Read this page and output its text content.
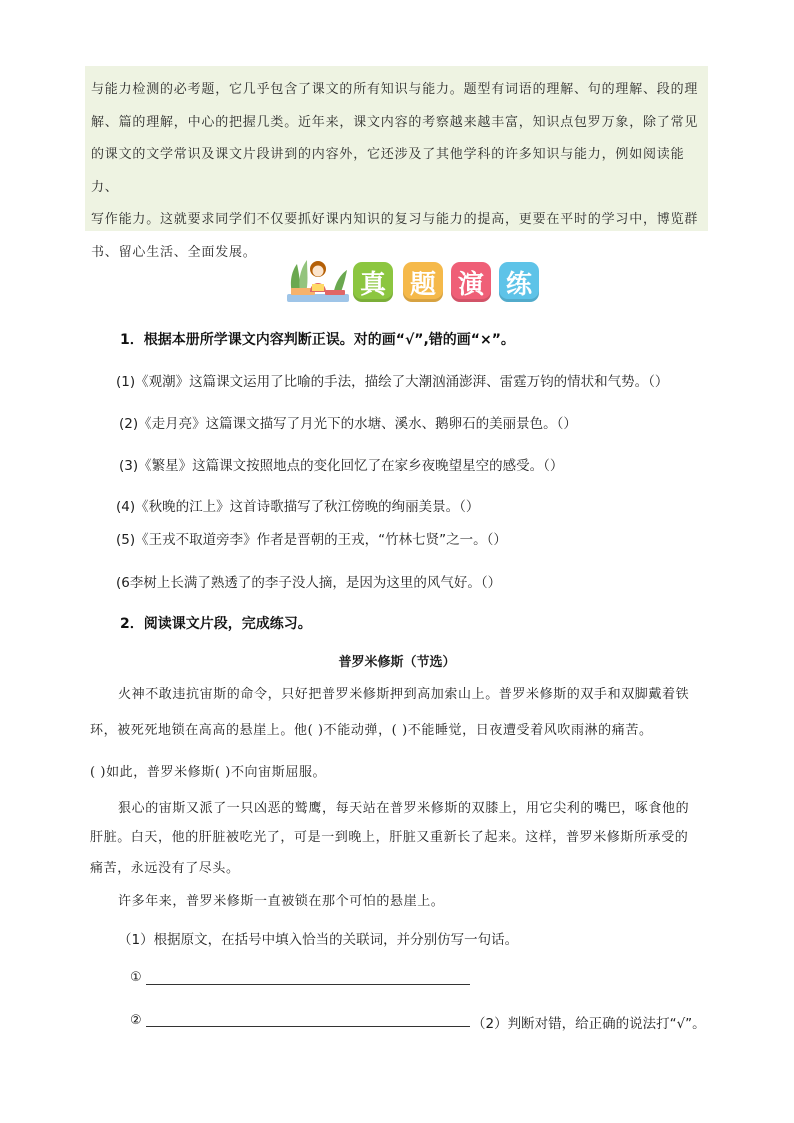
与能力检测的必考题，它几乎包含了课文的所有知识与能力。题型有词语的理解、句的理解、段的理

解、篇的理解，中心的把握几类。近年来，课文内容的考察越来越丰富，知识点包罗万象，除了常见

的课文的文学常识及课文片段讲到的内容外，它还涉及了其他学科的许多知识与能力，例如阅读能力、

写作能力。这就要求同学们不仅要抓好课内知识的复习与能力的提高，更要在平时的学习中，博览群

书、留心生活、全面发展。

真 题 演 练
1．根据本册所学课文内容判断正误。对的画“√”,错的画“×”。
(1)《观潮》这篇课文运用了比喻的手法，描绘了大潮汹涌澎湃、雷霆万钧的情状和气势。（）
(2)《走月亮》这篇课文描写了月光下的水塘、溪水、鹅卵石的美丽景色。（）
(3)《繁星》这篇课文按照地点的变化回忆了在家乡夜晚望星空的感受。（）
(4)《秋晚的江上》这首诗歌描写了秋江傍晚的绚丽美景。（）
(5)《王戎不取道旁李》作者是晋朝的王戎，“竹林七贤”之一。（）
(6李树上长满了熟透了的李子没人摘，是因为这里的风气好。（）
2．阅读课文片段，完成练习。
普罗米修斯（节选）
火神不敢违抗宙斯的命令，只好把普罗米修斯押到高加索山上。普罗米修斯的双手和双脚戴着铁
环，被死死地锁在高高的悬崖上。他( )不能动弹，( )不能睡觉，日夜遭受着风吹雨淋的痛苦。
( )如此，普罗米修斯( )不向宙斯屈服。
狠心的宙斯又派了一只凶恶的鹫鹰，每天站在普罗米修斯的双膝上，用它尖利的嘴巴，啄食他的
肝脏。白天，他的肝脏被吃光了，可是一到晚上，肝脏又重新长了起来。这样，普罗米修斯所承受的
痛苦，永远没有了尽头。
许多年来，普罗米修斯一直被锁在那个可怕的悬崖上。
（1）根据原文，在括号中填入恰当的关联词，并分别仿写一句话。
①
②	（2）判断对错，给正确的说法打“√”。
